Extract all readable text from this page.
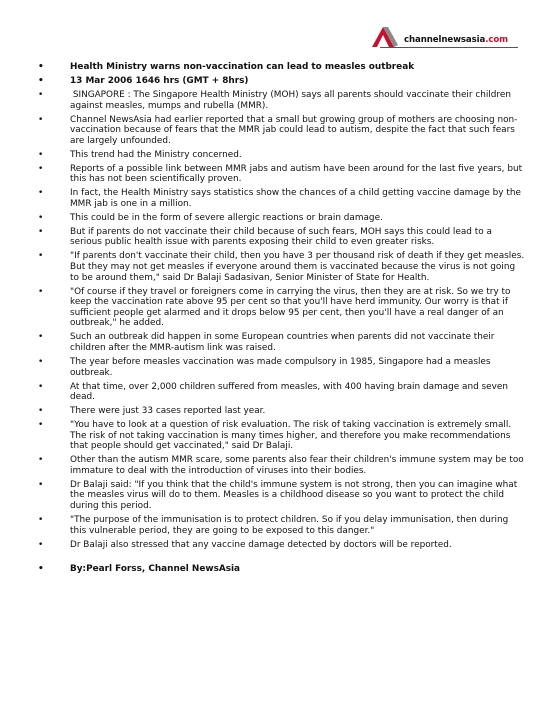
channelnewsasia.com
•	Health Ministry warns non-vaccination can lead to measles outbreak
•	13 Mar 2006 1646 hrs (GMT + 8hrs)
•	SINGAPORE : The Singapore Health Ministry (MOH) says all parents should vaccinate their children against measles, mumps and rubella (MMR).
•	Channel NewsAsia had earlier reported that a small but growing group of mothers are choosing non-vaccination because of fears that the MMR jab could lead to autism, despite the fact that such fears are largely unfounded.
•	This trend had the Ministry concerned.
•	Reports of a possible link between MMR jabs and autism have been around for the last five years, but this has not been scientifically proven.
•	In fact, the Health Ministry says statistics show the chances of a child getting vaccine damage by the MMR jab is one in a million.
•	This could be in the form of severe allergic reactions or brain damage.
•	But if parents do not vaccinate their child because of such fears, MOH says this could lead to a serious public health issue with parents exposing their child to even greater risks.
•	"If parents don't vaccinate their child, then you have 3 per thousand risk of death if they get measles. But they may not get measles if everyone around them is vaccinated because the virus is not going to be around them," said Dr Balaji Sadasivan, Senior Minister of State for Health.
•	"Of course if they travel or foreigners come in carrying the virus, then they are at risk. So we try to keep the vaccination rate above 95 per cent so that you'll have herd immunity. Our worry is that if sufficient people get alarmed and it drops below 95 per cent, then you'll have a real danger of an outbreak," he added.
•	Such an outbreak did happen in some European countries when parents did not vaccinate their children after the MMR-autism link was raised.
•	The year before measles vaccination was made compulsory in 1985, Singapore had a measles outbreak.
•	At that time, over 2,000 children suffered from measles, with 400 having brain damage and seven dead.
•	There were just 33 cases reported last year.
•	"You have to look at a question of risk evaluation. The risk of taking vaccination is extremely small. The risk of not taking vaccination is many times higher, and therefore you make recommendations that people should get vaccinated," said Dr Balaji.
•	Other than the autism MMR scare, some parents also fear their children's immune system may be too immature to deal with the introduction of viruses into their bodies.
•	Dr Balaji said: "If you think that the child's immune system is not strong, then you can imagine what the measles virus will do to them. Measles is a childhood disease so you want to protect the child during this period.
•	"The purpose of the immunisation is to protect children. So if you delay immunisation, then during this vulnerable period, they are going to be exposed to this danger."
•	Dr Balaji also stressed that any vaccine damage detected by doctors will be reported.
•	By:Pearl Forss, Channel NewsAsia
